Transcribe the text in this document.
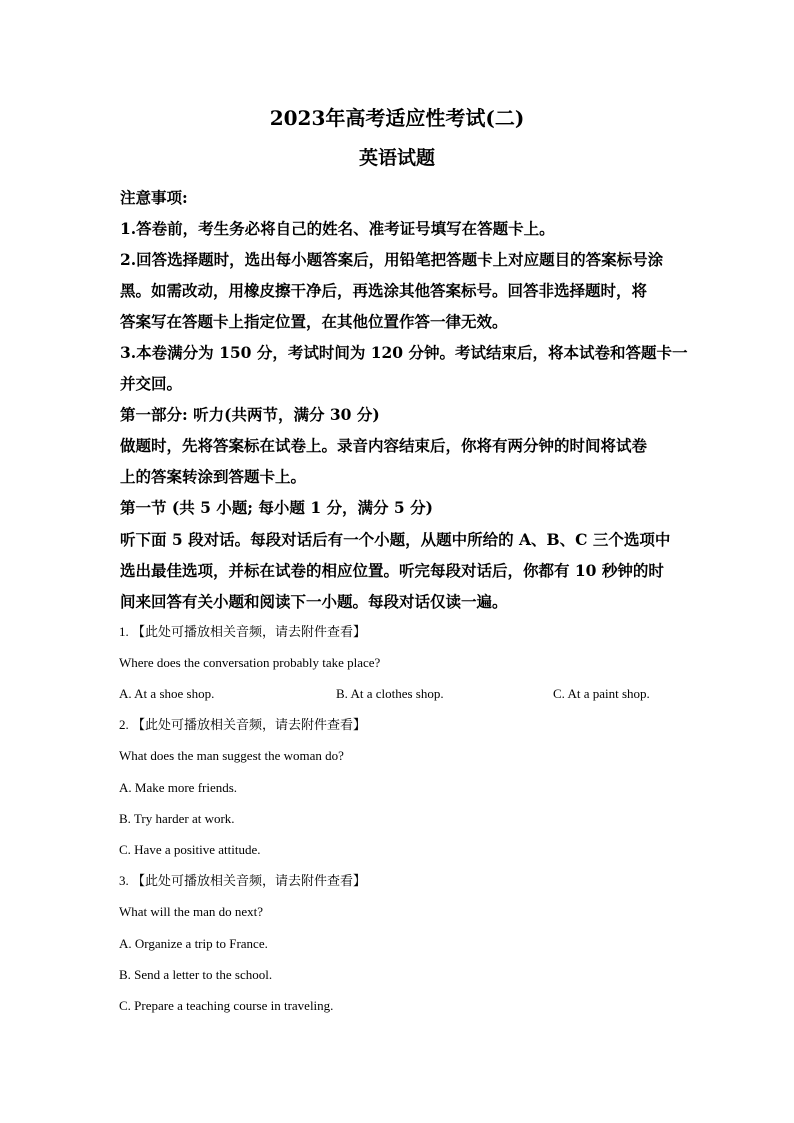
2023年高考适应性考试(二)
英语试题
注意事项:
1.答卷前，考生务必将自己的姓名、准考证号填写在答题卡上。
2.回答选择题时，选出每小题答案后，用铅笔把答题卡上对应题目的答案标号涂
黑。如需改动，用橡皮擦干净后，再选涂其他答案标号。回答非选择题时，将
答案写在答题卡上指定位置，在其他位置作答一律无效。
3.本卷满分为 150 分，考试时间为 120 分钟。考试结束后，将本试卷和答题卡一
并交回。
第一部分: 听力(共两节，满分 30 分)
做题时，先将答案标在试卷上。录音内容结束后，你将有两分钟的时间将试卷
上的答案转涂到答题卡上。
第一节 (共 5 小题; 每小题 1 分，满分 5 分)
听下面 5 段对话。每段对话后有一个小题，从题中所给的 A、B、C 三个选项中
选出最佳选项，并标在试卷的相应位置。听完每段对话后，你都有 10 秒钟的时
间来回答有关小题和阅读下一小题。每段对话仅读一遍。
1. 【此处可播放相关音频，请去附件查看】
Where does the conversation probably take place?
A. At a shoe shop.	B. At a clothes shop.	C. At a paint shop.
2. 【此处可播放相关音频，请去附件查看】
What does the man suggest the woman do?
A. Make more friends.
B. Try harder at work.
C. Have a positive attitude.
3. 【此处可播放相关音频，请去附件查看】
What will the man do next?
A. Organize a trip to France.
B. Send a letter to the school.
C. Prepare a teaching course in traveling.
